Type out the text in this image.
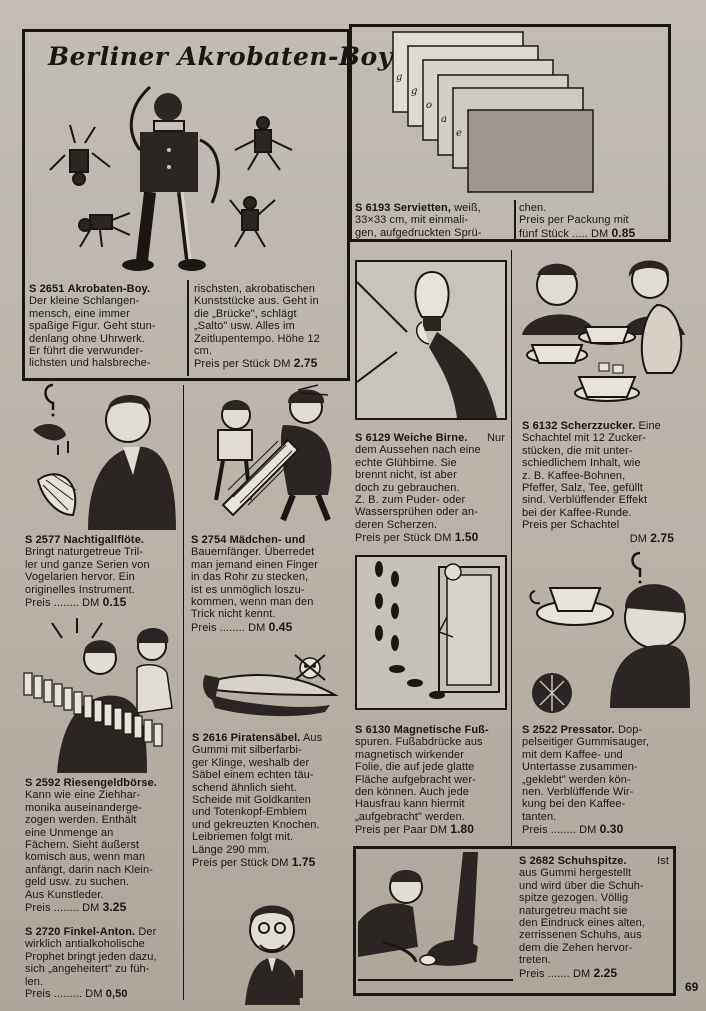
Berliner Akrobaten-Boy
S 2651 Akrobaten-Boy.
Der kleine Schlangen-
mensch, eine immer
spaßige Figur. Geht stun-
denlang ohne Uhrwerk.
Er führt die verwunder-
lichsten und halsbreche-
rischsten, akrobatischen
Kunststücke aus. Geht in
die „Brücke", schlägt
„Salto" usw. Alles im
Zeitlupentempo. Höhe 12
cm.
Preis per Stück DM 2.75
g
g
o
a
e
S 6193 Servietten, weiß,
33×33 cm, mit einmali-
gen, aufgedruckten Sprü-
chen.
Preis per Packung mit
fünf Stück ..... DM 0.85
S 6129 Weiche Birne. Nur
dem Aussehen nach eine
echte Glühbirne. Sie
brennt nicht, ist aber
doch zu gebrauchen.
Z. B. zum Puder- oder
Wassersprühen oder an-
deren Scherzen.
Preis per Stück DM 1.50
S 6132 Scherzzucker. Eine
Schachtel mit 12 Zucker-
stücken, die mit unter-
schiedlichem Inhalt, wie
z. B. Kaffee-Bohnen,
Pfeffer, Salz, Tee, gefüllt
sind. Verblüffender Effekt
bei der Kaffee-Runde.
Preis per Schachtel
DM 2.75
S 2577 Nachtigallflöte.
Bringt naturgetreue Tril-
ler und ganze Serien von
Vogelarien hervor. Ein
originelles Instrument.
Preis ........ DM 0.15
S 2754 Mädchen- und
Bauernfänger. Überredet
man jemand einen Finger
in das Rohr zu stecken,
ist es unmöglich loszu-
kommen, wenn man den
Trick nicht kennt.
Preis ........ DM 0.45
S 6130 Magnetische Fuß-
spuren. Fußabdrücke aus
magnetisch wirkender
Folie, die auf jede glatte
Fläche aufgebracht wer-
den können. Auch jede
Hausfrau kann hiermit
„aufgebracht" werden.
Preis per Paar DM 1.80
S 2522 Pressator. Dop-
pelseitiger Gummisauger,
mit dem Kaffee- und
Untertasse zusammen-
„geklebt" werden kön-
nen. Verblüffende Wir-
kung bei den Kaffee-
tanten.
Preis ........ DM 0.30
S 2592 Riesengeldbörse.
Kann wie eine Ziehhar-
monika auseinanderge-
zogen werden. Enthält
eine Unmenge an
Fächern. Sieht äußerst
komisch aus, wenn man
anfängt, darin nach Klein-
geld usw. zu suchen.
Aus Kunstleder.
Preis ........ DM 3.25
S 2720 Finkel-Anton. Der
wirklich antialkoholische
Prophet bringt jeden dazu,
sich „angeheitert" zu füh-
len.
Preis ......... DM 0,50
S 2616 Piratensäbel. Aus
Gummi mit silberfarbi-
ger Klinge, weshalb der
Säbel einem echten täu-
schend ähnlich sieht.
Scheide mit Goldkanten
und Totenkopf-Emblem
und gekreuzten Knochen.
Leibriemen folgt mit.
Länge 290 mm.
Preis per Stück DM 1.75	S 2682 Schuhspitze.	Ist
aus Gummi hergestellt
und wird über die Schuh-
spitze gezogen. Völlig
naturgetreu macht sie
den Eindruck eines alten,
zerrissenen Schuhs, aus
dem die Zehen hervor-
treten.
Preis ....... DM 2.25
69
